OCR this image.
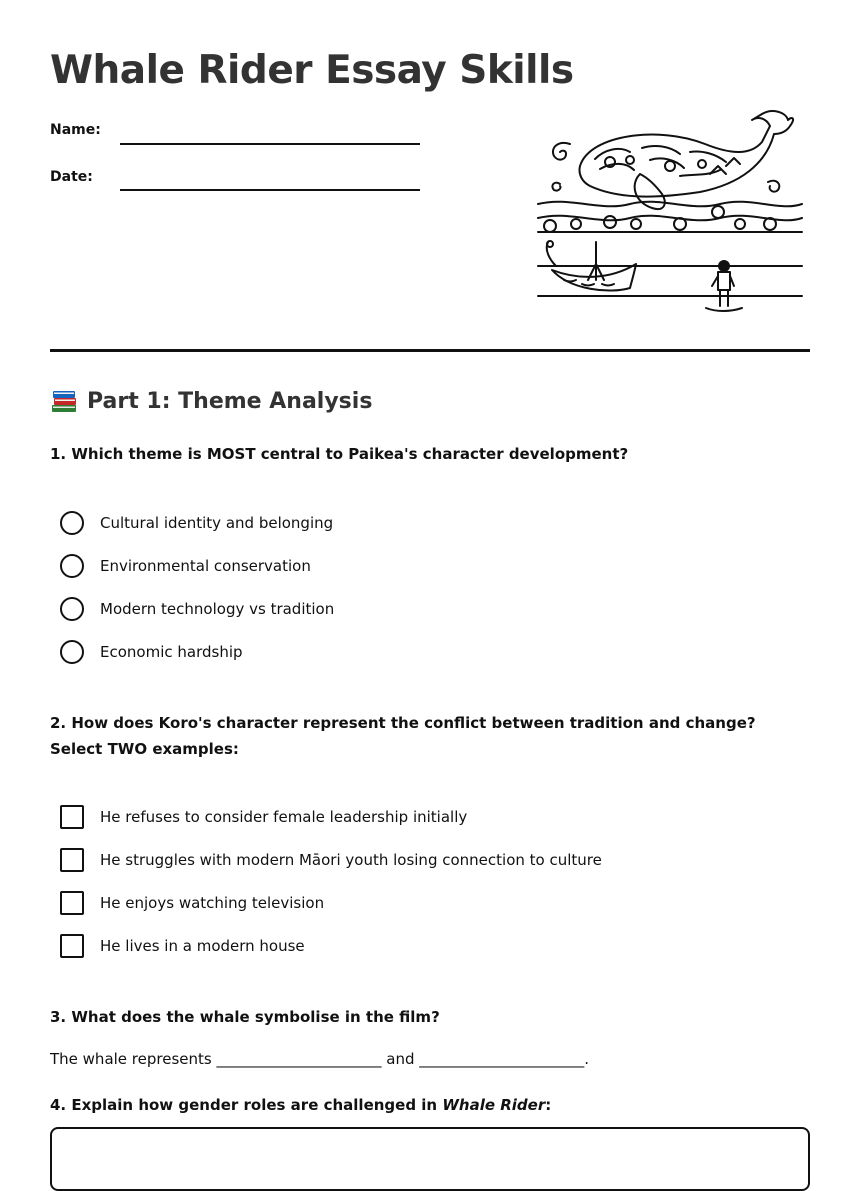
Whale Rider Essay Skills
Name:
Date:
Part 1: Theme Analysis

1. Which theme is MOST central to Paikea's character development?

Cultural identity and belonging
Environmental conservation
Modern technology vs tradition
Economic hardship

2. How does Koro's character represent the conflict between tradition and change? Select TWO examples:

He refuses to consider female leadership initially
He struggles with modern Māori youth losing connection to culture
He enjoys watching television
He lives in a modern house

3. What does the whale symbolise in the film?

The whale represents ______________________ and ______________________.

4. Explain how gender roles are challenged in Whale Rider:
